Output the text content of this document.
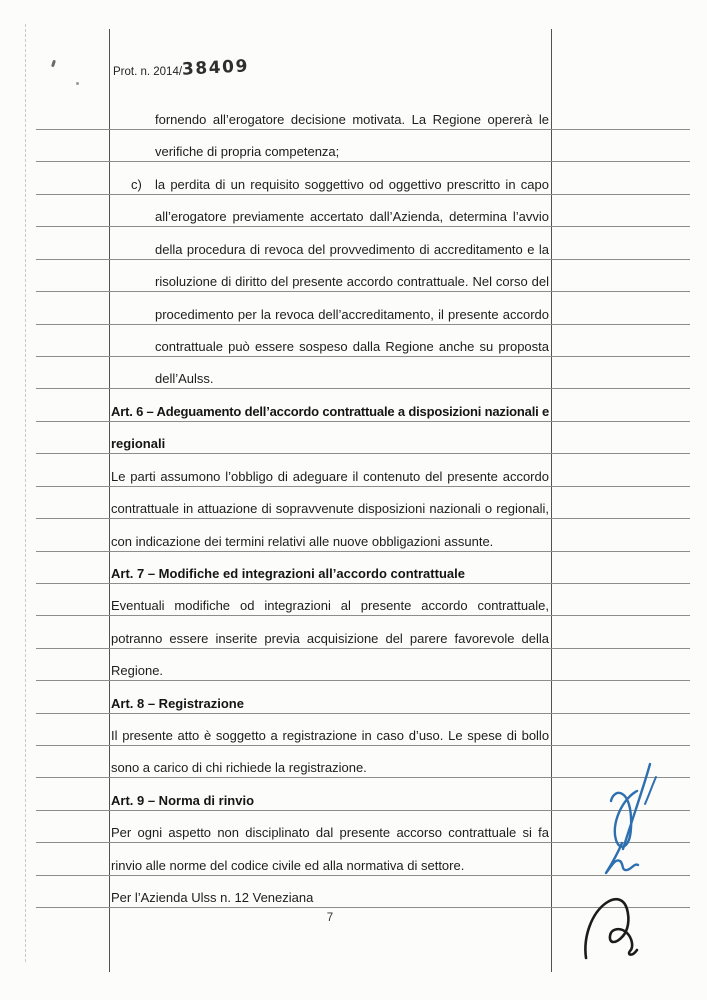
Prot. n. 2014/38409
fornendo all’erogatore decisione motivata. La Regione opererà le
verifiche di propria competenza;
c) la perdita di un requisito soggettivo od oggettivo prescritto in capo
all’erogatore previamente accertato dall’Azienda, determina l’avvio
della procedura di revoca del provvedimento di accreditamento e la
risoluzione di diritto del presente accordo contrattuale. Nel corso del
procedimento per la revoca dell’accreditamento, il presente accordo
contrattuale può essere sospeso dalla Regione anche su proposta
dell’Aulss.
Art. 6 – Adeguamento dell’accordo contrattuale a disposizioni nazionali e
regionali
Le parti assumono l’obbligo di adeguare il contenuto del presente accordo
contrattuale in attuazione di sopravvenute disposizioni nazionali o regionali,
con indicazione dei termini relativi alle nuove obbligazioni assunte.
Art. 7 – Modifiche ed integrazioni all’accordo contrattuale
Eventuali modifiche od integrazioni al presente accordo contrattuale,
potranno essere inserite previa acquisizione del parere favorevole della
Regione.
Art. 8 – Registrazione
Il presente atto è soggetto a registrazione in caso d’uso. Le spese di bollo
sono a carico di chi richiede la registrazione.
Art. 9 – Norma di rinvio
Per ogni aspetto non disciplinato dal presente accorso contrattuale si fa
rinvio alle norme del codice civile ed alla normativa di settore.
Per l’Azienda Ulss n. 12 Veneziana
7
